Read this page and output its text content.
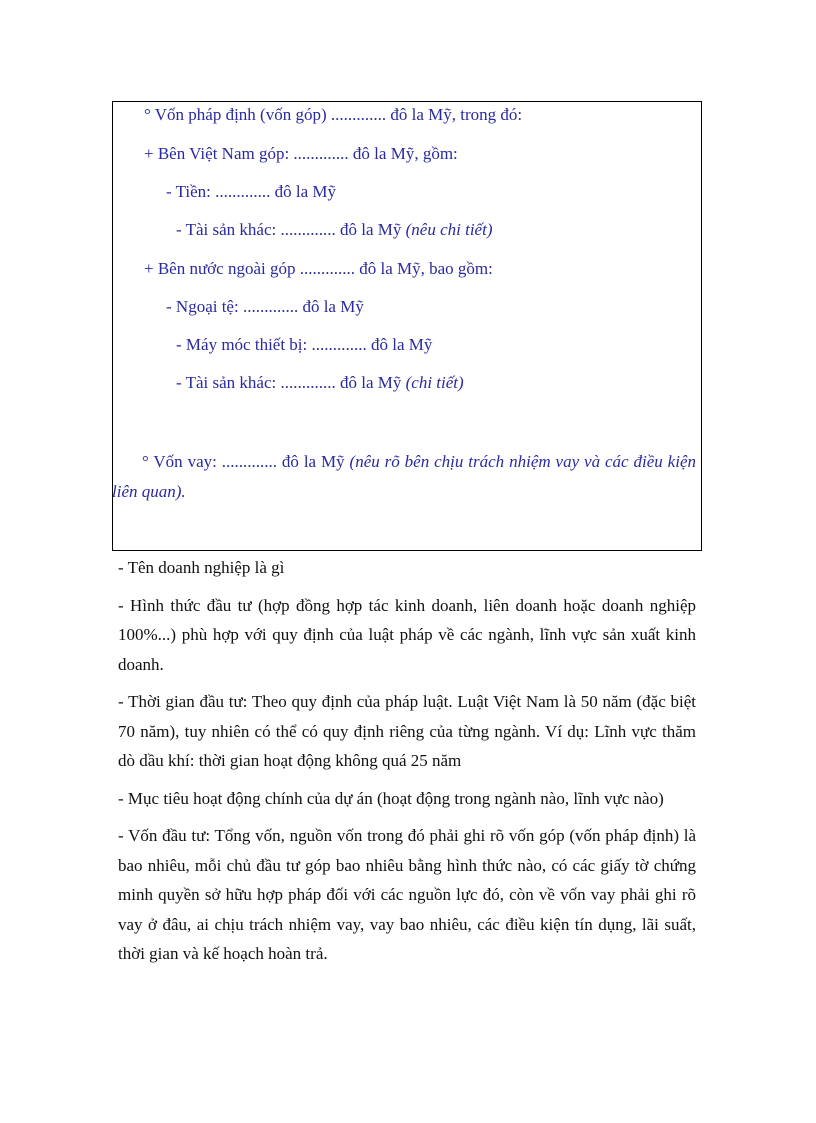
° Vốn pháp định (vốn góp) ............. đô la Mỹ, trong đó:
+ Bên Việt Nam góp: ............. đô la Mỹ, gồm:
- Tiền: ............. đô la Mỹ
- Tài sản khác: ............. đô la Mỹ (nêu chi tiết)
+ Bên nước ngoài góp ............. đô la Mỹ, bao gồm:
- Ngoại tệ: ............. đô la Mỹ
- Máy móc thiết bị: ............. đô la Mỹ
- Tài sản khác: ............. đô la Mỹ (chi tiết)
° Vốn vay: ............. đô la Mỹ (nêu rõ bên chịu trách nhiệm vay và các điều kiện liên quan).

- Tên doanh nghiệp là gì

- Hình thức đầu tư (hợp đồng hợp tác kinh doanh, liên doanh hoặc doanh nghiệp 100%...) phù hợp với quy định của luật pháp về các ngành, lĩnh vực sản xuất kinh doanh.

- Thời gian đầu tư: Theo quy định của pháp luật. Luật Việt Nam là 50 năm (đặc biệt 70 năm), tuy nhiên có thể có quy định riêng của từng ngành. Ví dụ: Lĩnh vực thăm dò dầu khí: thời gian hoạt động không quá 25 năm

- Mục tiêu hoạt động chính của dự án (hoạt động trong ngành nào, lĩnh vực nào)

- Vốn đầu tư: Tổng vốn, nguồn vốn trong đó phải ghi rõ vốn góp (vốn pháp định) là bao nhiêu, mỗi chủ đầu tư góp bao nhiêu bằng hình thức nào, có các giấy tờ chứng minh quyền sở hữu hợp pháp đối với các nguồn lực đó, còn về vốn vay phải ghi rõ vay ở đâu, ai chịu trách nhiệm vay, vay bao nhiêu, các điều kiện tín dụng, lãi suất, thời gian và kế hoạch hoàn trả.
